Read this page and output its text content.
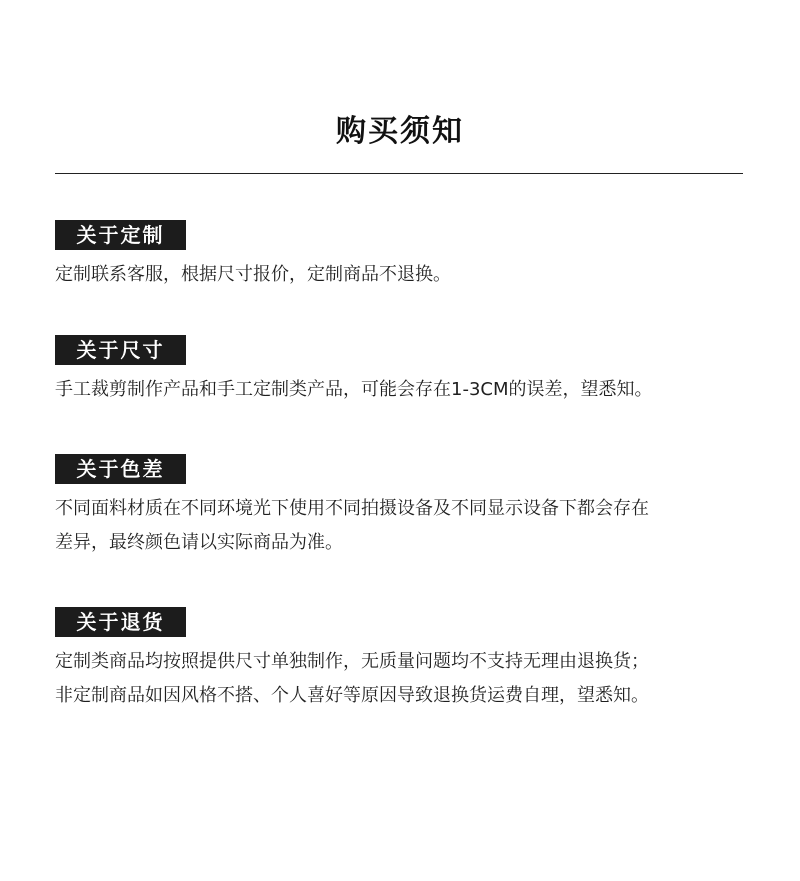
购买须知
关于定制

定制联系客服，根据尺寸报价，定制商品不退换。

关于尺寸

手工裁剪制作产品和手工定制类产品，可能会存在1-3CM的误差，望悉知。

关于色差

不同面料材质在不同环境光下使用不同拍摄设备及不同显示设备下都会存在

差异，最终颜色请以实际商品为准。

关于退货

定制类商品均按照提供尺寸单独制作，无质量问题均不支持无理由退换货；

非定制商品如因风格不搭、个人喜好等原因导致退换货运费自理，望悉知。
